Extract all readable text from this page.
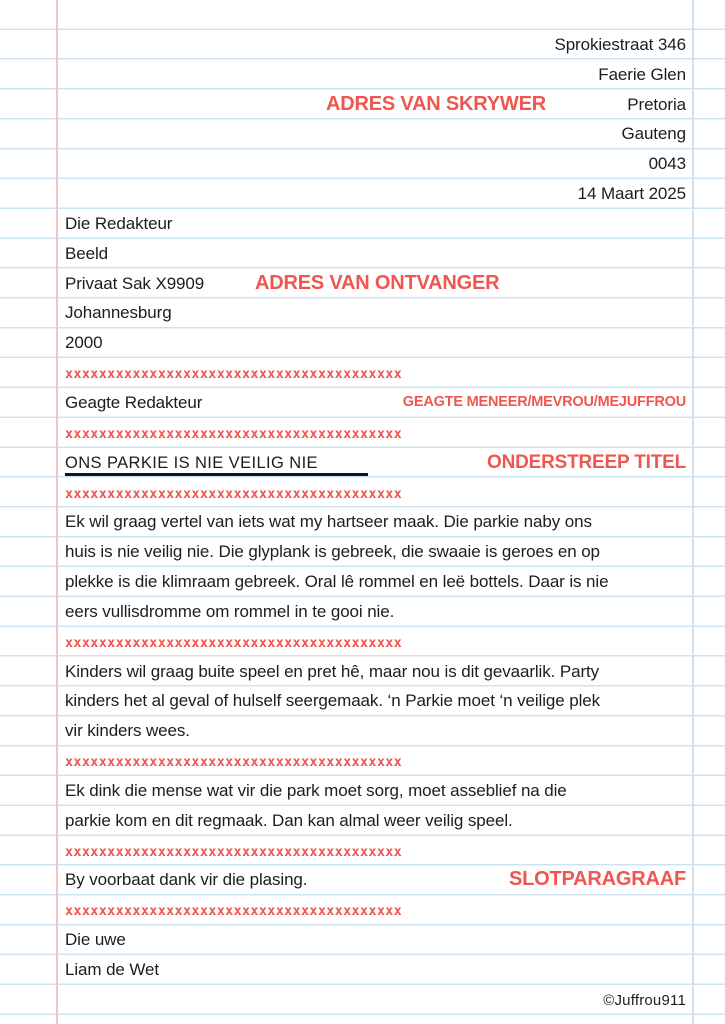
Sprokiestraat 346
Faerie Glen
ADRES VAN SKRYWER	Pretoria
Gauteng
0043
14 Maart 2025
Die Redakteur
Beeld
Privaat Sak X9909	ADRES VAN ONTVANGER
Johannesburg
2000
xxxxxxxxxxxxxxxxxxxxxxxxxxxxxxxxxxxxxxxx
Geagte Redakteur	GEAGTE MENEER/MEVROU/MEJUFFROU
xxxxxxxxxxxxxxxxxxxxxxxxxxxxxxxxxxxxxxxx
ONS PARKIE IS NIE VEILIG NIE	ONDERSTREEP TITEL
xxxxxxxxxxxxxxxxxxxxxxxxxxxxxxxxxxxxxxxx
Ek wil graag vertel van iets wat my hartseer maak. Die parkie naby ons
huis is nie veilig nie. Die glyplank is gebreek, die swaaie is geroes en op
plekke is die klimraam gebreek. Oral lê rommel en leë bottels. Daar is nie
eers vullisdromme om rommel in te gooi nie.
xxxxxxxxxxxxxxxxxxxxxxxxxxxxxxxxxxxxxxxx
Kinders wil graag buite speel en pret hê, maar nou is dit gevaarlik. Party
kinders het al geval of hulself seergemaak. ‘n Parkie moet ‘n veilige plek
vir kinders wees.
xxxxxxxxxxxxxxxxxxxxxxxxxxxxxxxxxxxxxxxx
Ek dink die mense wat vir die park moet sorg, moet asseblief na die
parkie kom en dit regmaak. Dan kan almal weer veilig speel.
xxxxxxxxxxxxxxxxxxxxxxxxxxxxxxxxxxxxxxxx
By voorbaat dank vir die plasing.	SLOTPARAGRAAF
xxxxxxxxxxxxxxxxxxxxxxxxxxxxxxxxxxxxxxxx
Die uwe
Liam de Wet
©Juffrou911
